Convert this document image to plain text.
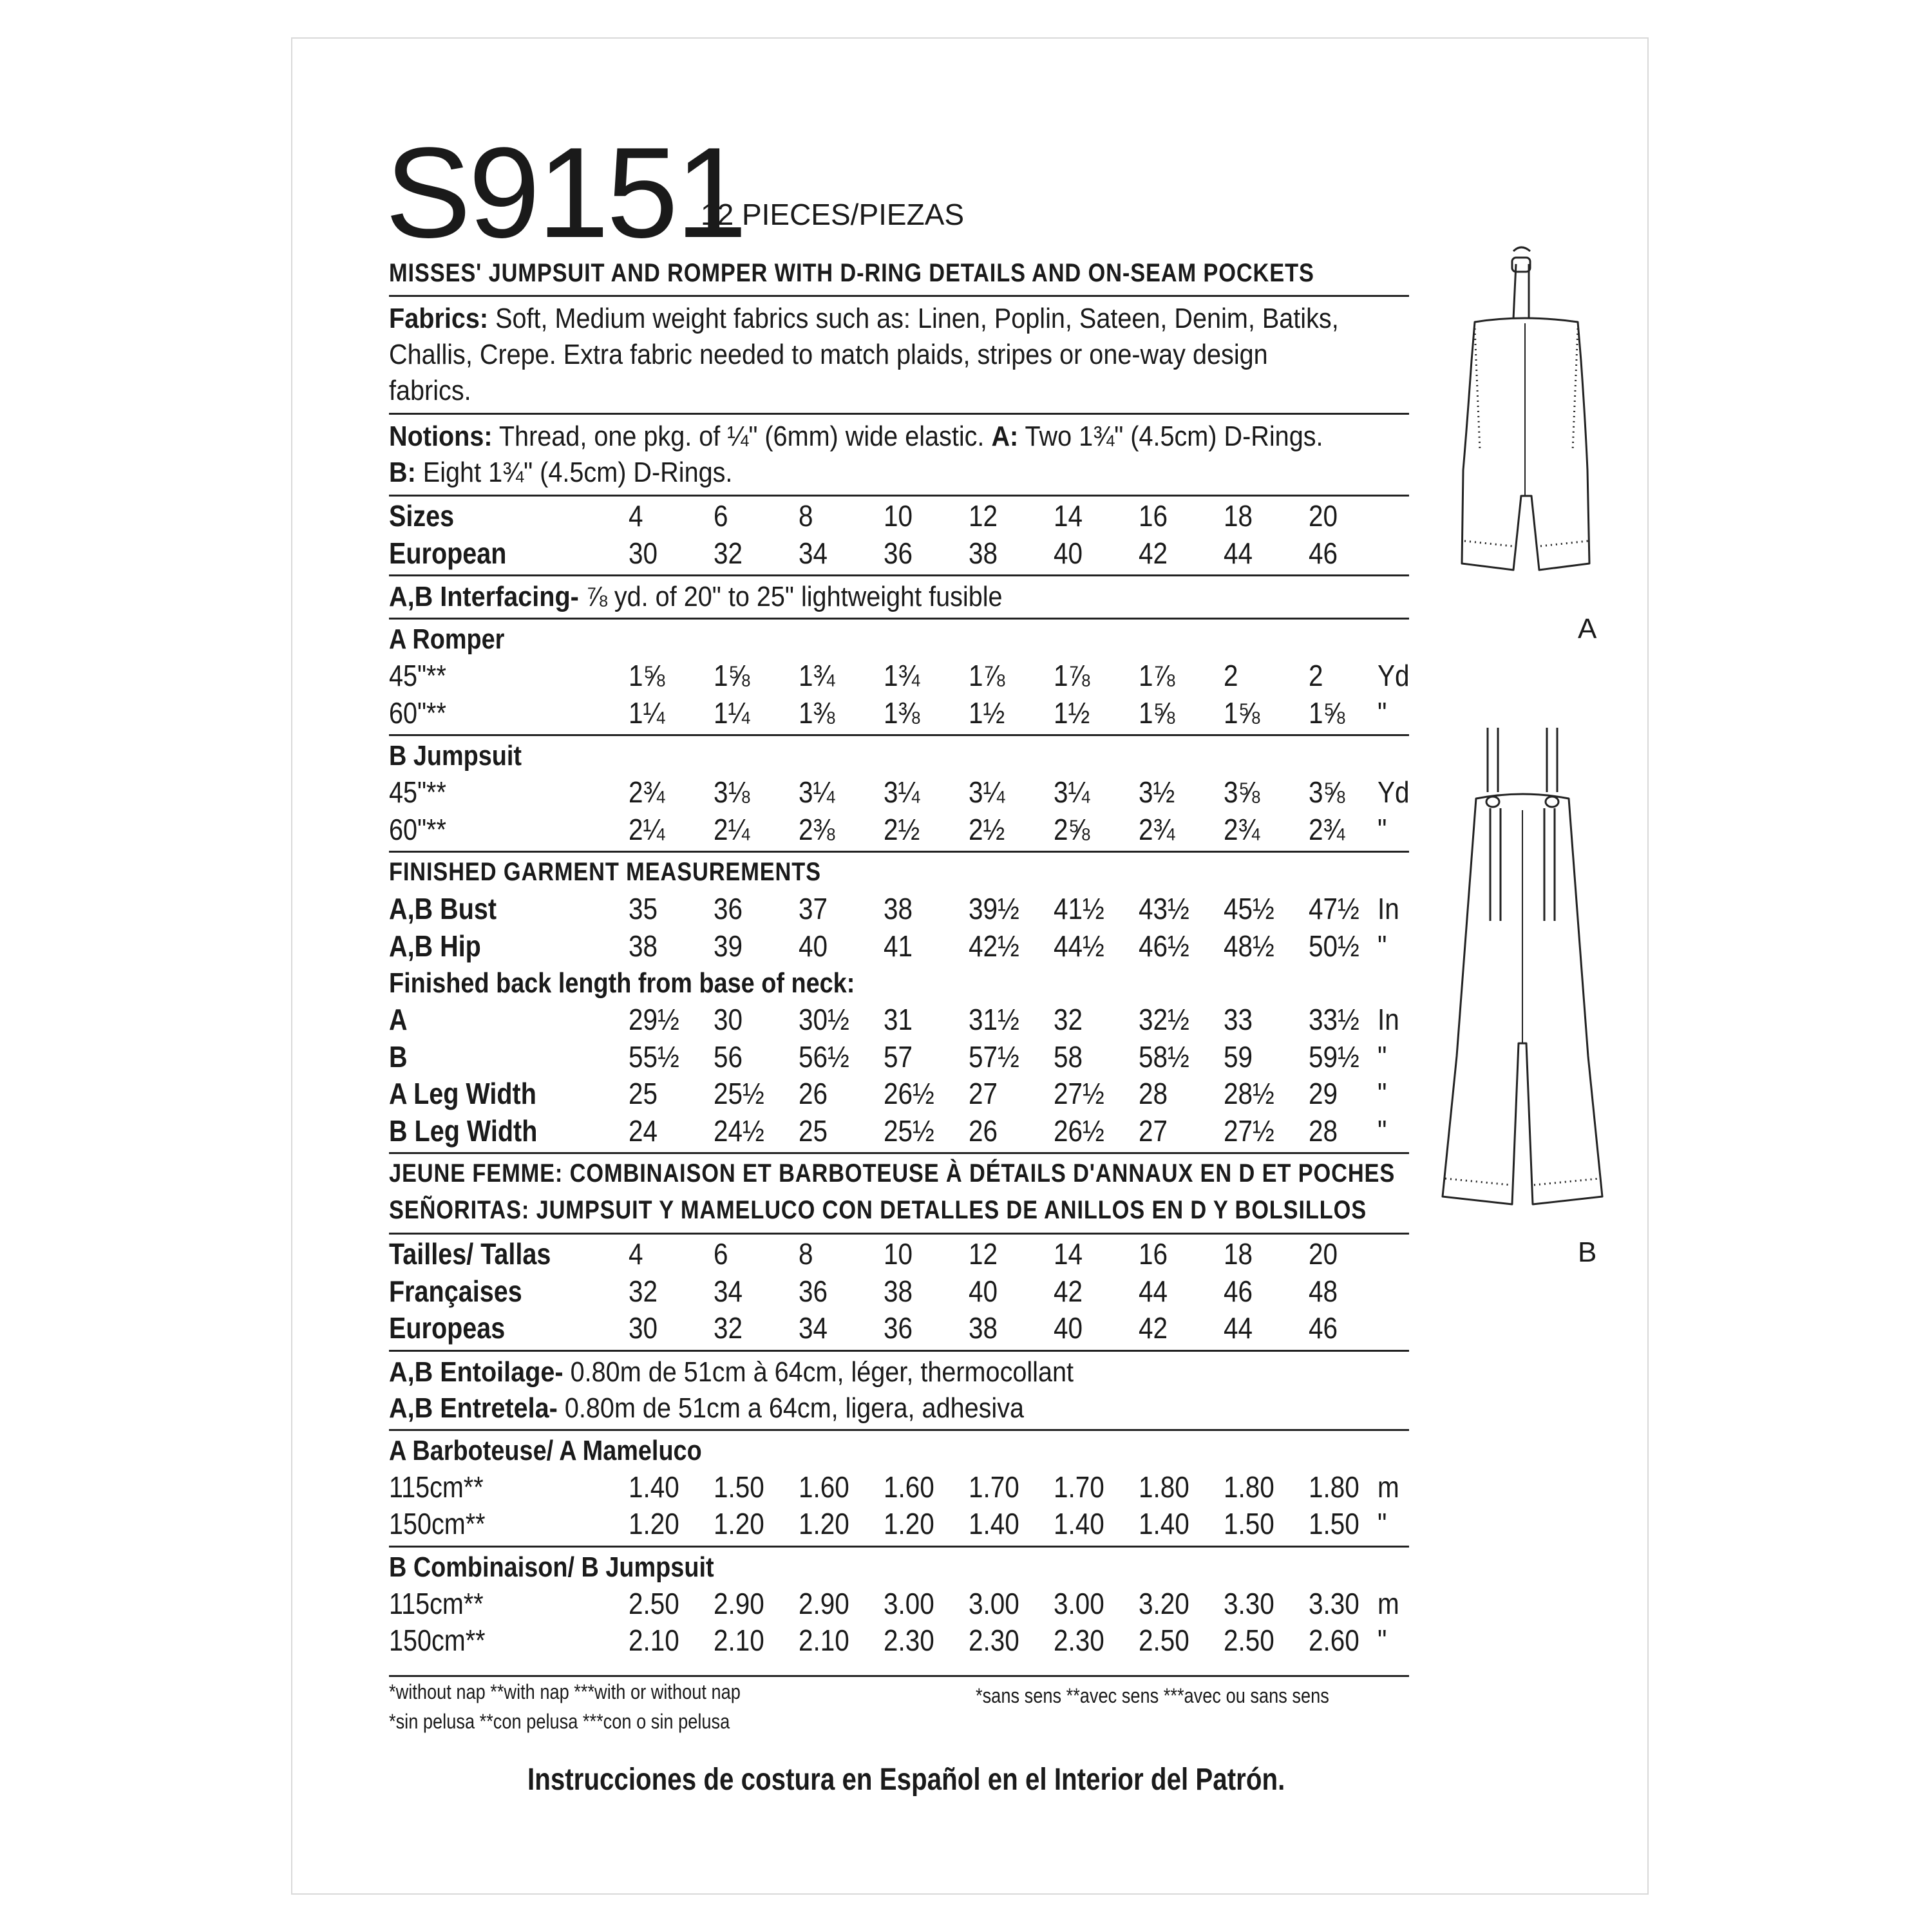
S9151
12 PIECES/PIEZAS
MISSES' JUMPSUIT AND ROMPER WITH D-RING DETAILS AND ON-SEAM POCKETS
Fabrics: Soft, Medium weight fabrics such as: Linen, Poplin, Sateen, Denim, Batiks,
Challis, Crepe. Extra fabric needed to match plaids, stripes or one-way design
fabrics.
Notions: Thread, one pkg. of ¼" (6mm) wide elastic. A: Two 1¾" (4.5cm) D-Rings.
B: Eight 1¾" (4.5cm) D-Rings.
Sizes	4 6 8 10 12 14 16 18 20
European	30 32 34 36 38 40 42 44 46
A,B Interfacing- ⅞ yd. of 20" to 25" lightweight fusible
A Romper
45"**	1⅝ 1⅝ 1¾ 1¾ 1⅞ 1⅞ 1⅞ 2 2 Yd
60"**	1¼ 1¼ 1⅜ 1⅜ 1½ 1½ 1⅝ 1⅝ 1⅝ "
B Jumpsuit
45"**	2¾ 3⅛ 3¼ 3¼ 3¼ 3¼ 3½ 3⅝ 3⅝ Yd
60"**	2¼ 2¼ 2⅜ 2½ 2½ 2⅝ 2¾ 2¾ 2¾ "
FINISHED GARMENT MEASUREMENTS
A,B Bust	35 36 37 38 39½ 41½ 43½ 45½ 47½ In
A,B Hip	38 39 40 41 42½ 44½ 46½ 48½ 50½ "
Finished back length from base of neck:
A	29½ 30 30½ 31 31½ 32 32½ 33 33½ In
B	55½ 56 56½ 57 57½ 58 58½ 59 59½ "
A Leg Width	25 25½ 26 26½ 27 27½ 28 28½ 29 "
B Leg Width	24 24½ 25 25½ 26 26½ 27 27½ 28 "
JEUNE FEMME: COMBINAISON ET BARBOTEUSE À DÉTAILS D'ANNAUX EN D ET POCHES
SEÑORITAS: JUMPSUIT Y MAMELUCO CON DETALLES DE ANILLOS EN D Y BOLSILLOS
Tailles/ Tallas	4 6 8 10 12 14 16 18 20
Françaises	32 34 36 38 40 42 44 46 48
Europeas	30 32 34 36 38 40 42 44 46
A,B Entoilage- 0.80m de 51cm à 64cm, léger, thermocollant
A,B Entretela- 0.80m de 51cm a 64cm, ligera, adhesiva
A Barboteuse/ A Mameluco
115cm**	1.40 1.50 1.60 1.60 1.70 1.70 1.80 1.80 1.80 m
150cm**	1.20 1.20 1.20 1.20 1.40 1.40 1.40 1.50 1.50 "
B Combinaison/ B Jumpsuit
115cm**	2.50 2.90 2.90 3.00 3.00 3.00 3.20 3.30 3.30 m
150cm**	2.10 2.10 2.10 2.30 2.30 2.30 2.50 2.50 2.60 "
*without nap **with nap ***with or without nap
*sin pelusa **con pelusa ***con o sin pelusa
*sans sens **avec sens ***avec ou sans sens
Instrucciones de costura en Español en el Interior del Patrón.
A
B
